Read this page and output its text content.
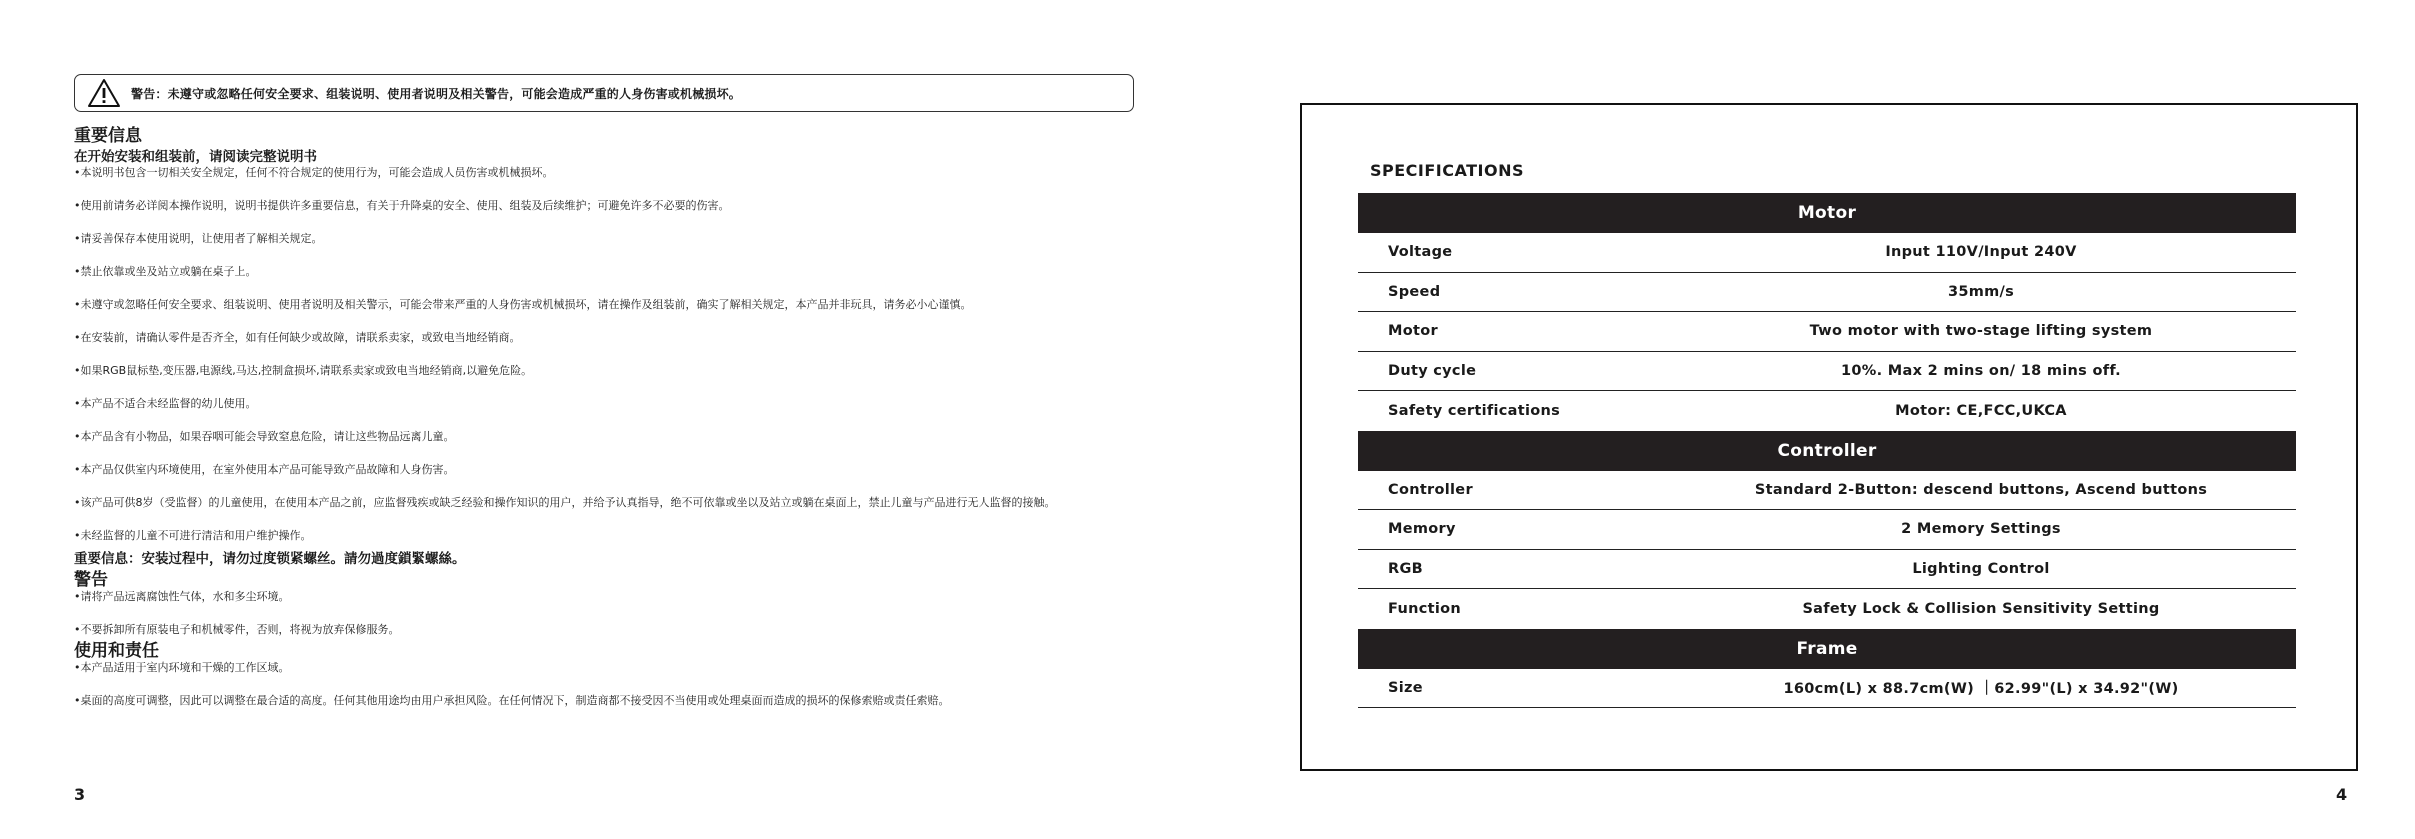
警告：未遵守或忽略任何安全要求、组装说明、使用者说明及相关警告，可能会造成严重的人身伤害或机械损坏。

重要信息

在开始安装和组装前，请阅读完整说明书

•本说明书包含一切相关安全规定，任何不符合规定的使用行为，可能会造成人员伤害或机械损坏。

•使用前请务必详阅本操作说明，说明书提供许多重要信息，有关于升降桌的安全、使用、组装及后续维护；可避免许多不必要的伤害。

•请妥善保存本使用说明，让使用者了解相关规定。

•禁止依靠或坐及站立或躺在桌子上。

•未遵守或忽略任何安全要求、组装说明、使用者说明及相关警示，可能会带来严重的人身伤害或机械损坏，请在操作及组装前，确实了解相关规定，本产品并非玩具，请务必小心谨慎。

•在安装前，请确认零件是否齐全，如有任何缺少或故障，请联系卖家，或致电当地经销商。

•如果RGB鼠标垫,变压器,电源线,马达,控制盒损坏,请联系卖家或致电当地经销商,以避免危险。

•本产品不适合未经监督的幼儿使用。

•本产品含有小物品，如果吞咽可能会导致窒息危险，请让这些物品远离儿童。

•本产品仅供室内环境使用，在室外使用本产品可能导致产品故障和人身伤害。

•该产品可供8岁（受监督）的儿童使用，在使用本产品之前，应监督残疾或缺乏经验和操作知识的用户，并给予认真指导，绝不可依靠或坐以及站立或躺在桌面上，禁止儿童与产品进行无人监督的接触。

•未经监督的儿童不可进行清洁和用户维护操作。

重要信息：安装过程中，请勿过度锁紧螺丝。請勿過度鎖緊螺絲。

警告

•请将产品远离腐蚀性气体，水和多尘环境。

•不要拆卸所有原装电子和机械零件，否则，将视为放弃保修服务。

使用和责任

•本产品适用于室内环境和干燥的工作区域。

•桌面的高度可调整，因此可以调整在最合适的高度。任何其他用途均由用户承担风险。在任何情况下，制造商都不接受因不当使用或处理桌面而造成的损坏的保修索赔或责任索赔。

3

SPECIFICATIONS

Motor
Voltage	Input 110V/Input 240V
Speed	35mm/s
Motor	Two motor with two-stage lifting system
Duty cycle	10%. Max 2 mins on/ 18 mins off.
Safety certifications	Motor: CE,FCC,UKCA
Controller
Controller	Standard 2-Button: descend buttons, Ascend buttons
Memory	2 Memory Settings
RGB	Lighting Control
Function	Safety Lock & Collision Sensitivity Setting
Frame
Size	160cm(L) x 88.7cm(W) ｜62.99"(L) x 34.92"(W)
4
